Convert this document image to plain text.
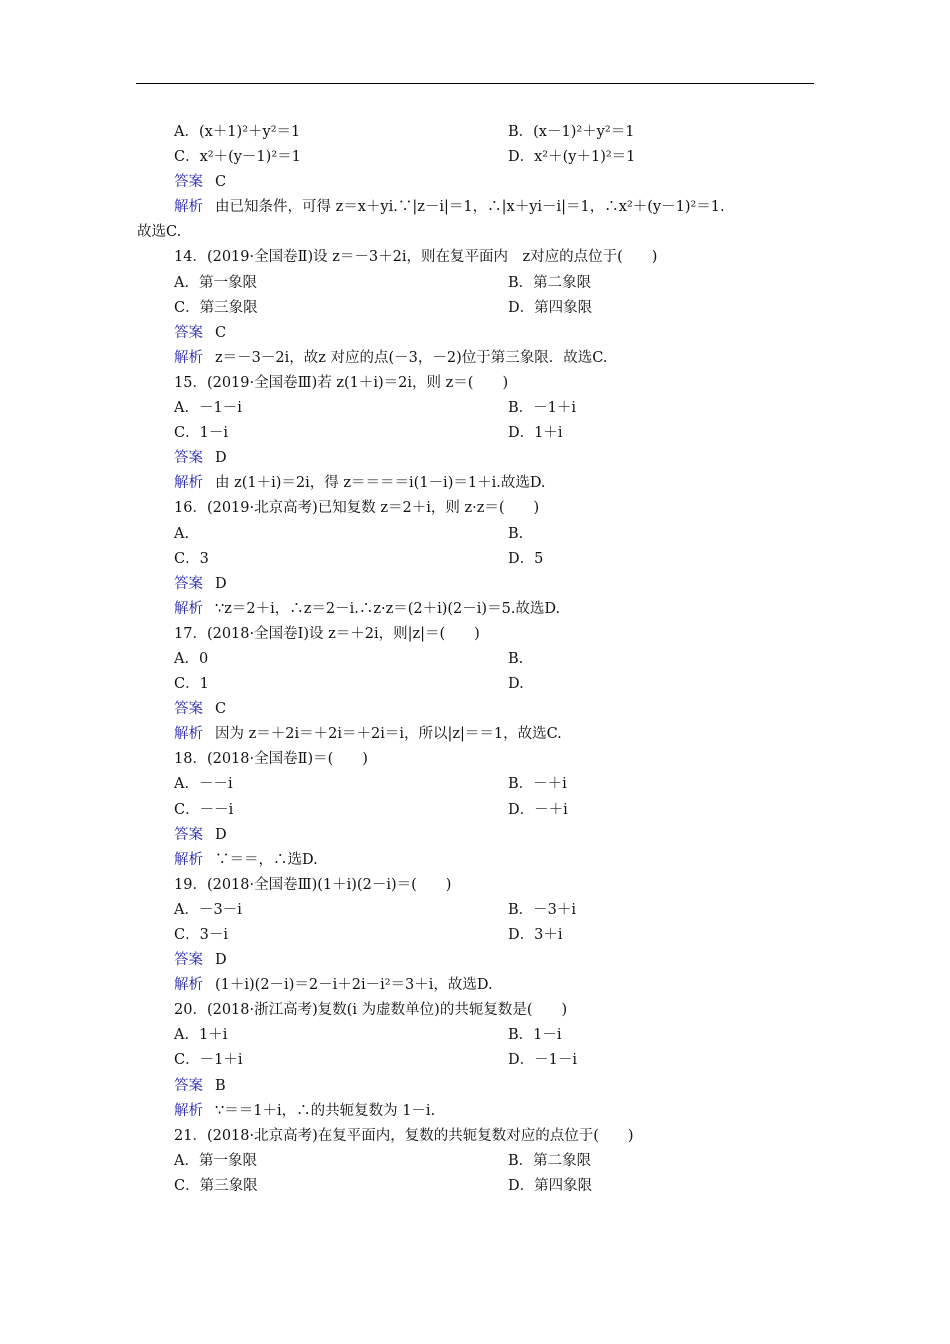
A．(x＋1)²＋y²＝1	B．(x－1)²＋y²＝1
C．x²＋(y－1)²＝1	D．x²＋(y＋1)²＝1
答案 C
解析 由已知条件，可得 z＝x＋yi.∵|z－i|＝1，∴|x＋yi－i|＝1，∴x²＋(y－1)²＝1.
故选C.
14．(2019·全国卷Ⅱ)设 z＝－3＋2i，则在复平面内　z对应的点位于(　　)
A．第一象限	B．第二象限
C．第三象限	D．第四象限
答案 C
解析 z＝－3－2i，故z 对应的点(－3，－2)位于第三象限．故选C.
15．(2019·全国卷Ⅲ)若 z(1＋i)＝2i，则 z＝(　　)
A．－1－i	B．－1＋i
C．1－i	D．1＋i
答案 D
解析 由 z(1＋i)＝2i，得 z＝＝＝＝i(1－i)＝1＋i.故选D.
16．(2019·北京高考)已知复数 z＝2＋i，则 z·z＝(　　)
A.	B.
C．3	D．5
答案 D
解析 ∵z＝2＋i，∴z＝2－i.∴z·z＝(2＋i)(2－i)＝5.故选D.
17．(2018·全国卷Ⅰ)设 z＝＋2i，则|z|＝(　　)
A．0	B.
C．1	D.
答案 C
解析 因为 z＝＋2i＝＋2i＝＋2i＝i，所以|z|＝＝1，故选C.
18．(2018·全国卷Ⅱ)＝(　　)
A．－－i	B．－＋i
C．－－i	D．－＋i
答案 D
解析 ∵＝＝，∴选D.
19．(2018·全国卷Ⅲ)(1＋i)(2－i)＝(　　)
A．－3－i	B．－3＋i
C．3－i	D．3＋i
答案 D
解析 (1＋i)(2－i)＝2－i＋2i－i²＝3＋i，故选D.
20．(2018·浙江高考)复数(i 为虚数单位)的共轭复数是(　　)
A．1＋i	B．1－i
C．－1＋i	D．－1－i
答案 B
解析 ∵＝＝1＋i，∴的共轭复数为 1－i.
21．(2018·北京高考)在复平面内，复数的共轭复数对应的点位于(　　)
A．第一象限	B．第二象限
C．第三象限	D．第四象限
